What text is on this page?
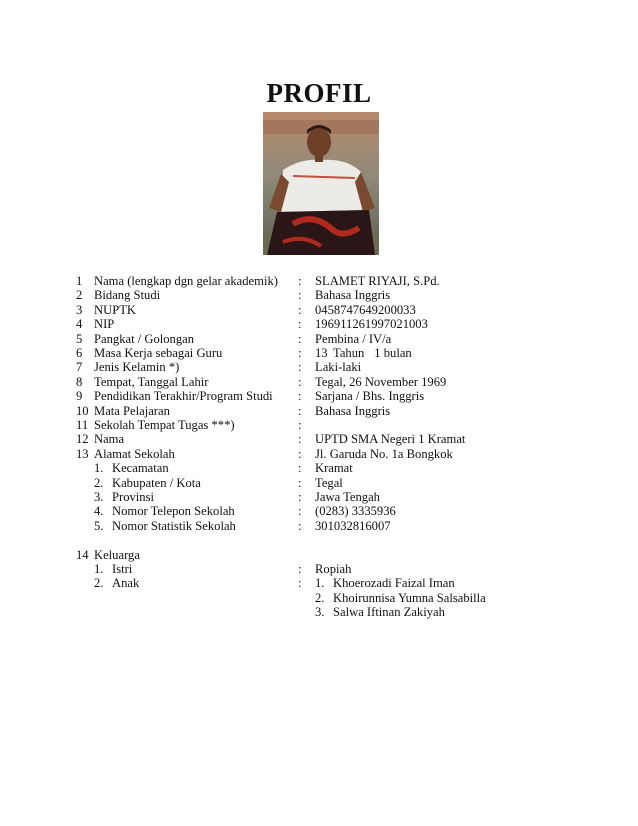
PROFIL
1 Nama (lengkap dgn gelar akademik) : SLAMET RIYAJI, S.Pd.
2 Bidang Studi	: Bahasa Inggris
3 NUPTK	: 0458747649200033
4 NIP	: 196911261997021003
5 Pangkat / Golongan	: Pembina / IV/a
6 Masa Kerja sebagai Guru	: 13 Tahun 1 bulan
7 Jenis Kelamin *)	: Laki-laki
8 Tempat, Tanggal Lahir	: Tegal, 26 November 1969
9 Pendidikan Terakhir/Program Studi : Sarjana / Bhs. Inggris
10 Mata Pelajaran	: Bahasa Inggris
11 Sekolah Tempat Tugas ***)	:
12 Nama	: UPTD SMA Negeri 1 Kramat
13 Alamat Sekolah	: Jl. Garuda No. 1a Bongkok
1. Kecamatan	: Kramat
2. Kabupaten / Kota	: Tegal
3. Provinsi	: Jawa Tengah
4. Nomor Telepon Sekolah	: (0283) 3335936
5. Nomor Statistik Sekolah	: 301032816007
14 Keluarga
1. Istri	: Ropiah
2. Anak	: 1. Khoerozadi Faizal Iman
2. Khoirunnisa Yumna Salsabilla
3. Salwa Iftinan Zakiyah
